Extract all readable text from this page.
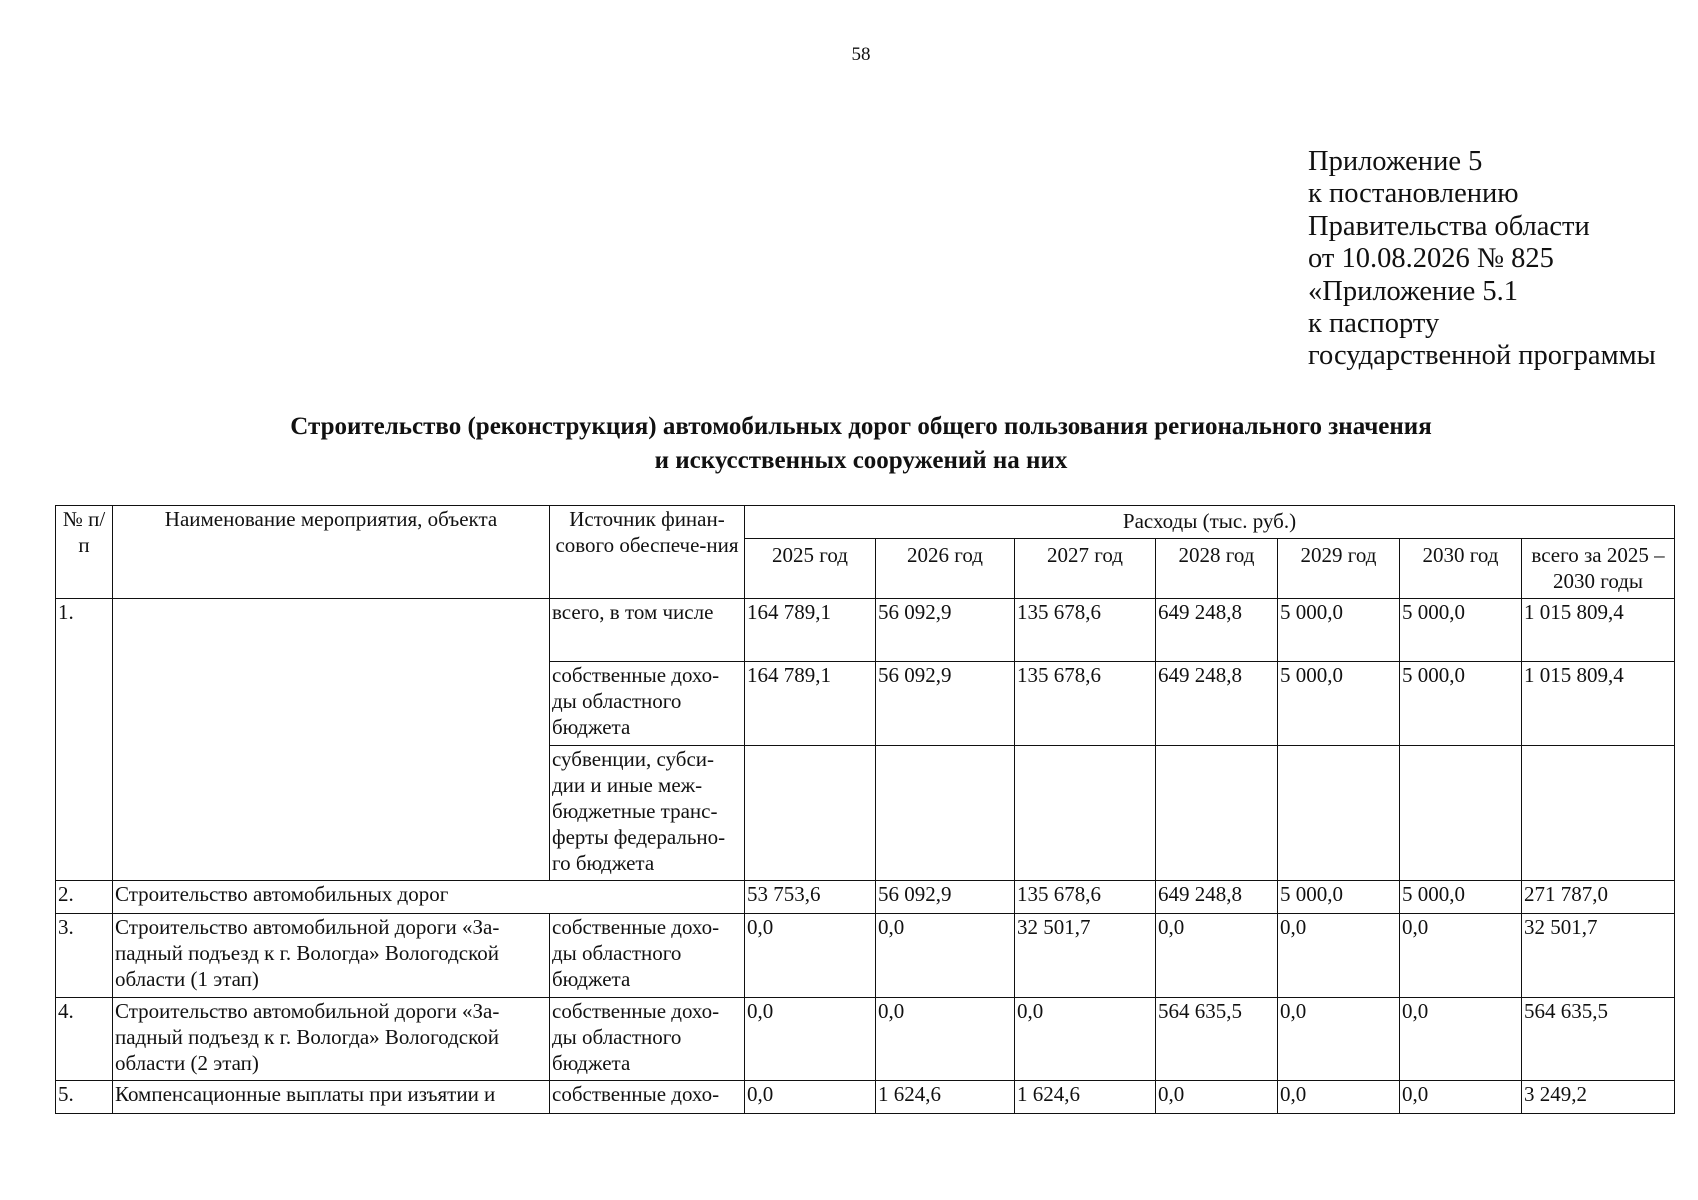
58
Приложение 5
к постановлению
Правительства области
от 10.08.2026 № 825
«Приложение 5.1
к паспорту
государственной программы
Строительство (реконструкция) автомобильных дорог общего пользования регионального значения
и искусственных сооружений на них
№ п/п	Наименование мероприятия, объекта	Источник финан-сового обеспече-ния	Расходы (тыс. руб.)						
			2025 год	2026 год	2027 год	2028 год	2029 год	2030 год	всего за 2025 – 2030 годы
1.		всего, в том числе	164 789,1	56 092,9	135 678,6	649 248,8	5 000,0	5 000,0	1 015 809,4
		собственные дохо-ды областного бюджета	164 789,1	56 092,9	135 678,6	649 248,8	5 000,0	5 000,0	1 015 809,4
		субвенции, субси-дии и иные меж-бюджетные транс-ферты федерально-го бюджета							
2.	Строительство автомобильных дорог		53 753,6	56 092,9	135 678,6	649 248,8	5 000,0	5 000,0	271 787,0
3.	Строительство автомобильной дороги «За-падный подъезд к г. Вологда» Вологодской области (1 этап)	собственные дохо-ды областного бюджета	0,0	0,0	32 501,7	0,0	0,0	0,0	32 501,7
4.	Строительство автомобильной дороги «За-падный подъезд к г. Вологда» Вологодской области (2 этап)	собственные дохо-ды областного бюджета	0,0	0,0	0,0	564 635,5	0,0	0,0	564 635,5
5.	Компенсационные выплаты при изъятии и	собственные дохо-	0,0	1 624,6	1 624,6	0,0	0,0	0,0	3 249,2
